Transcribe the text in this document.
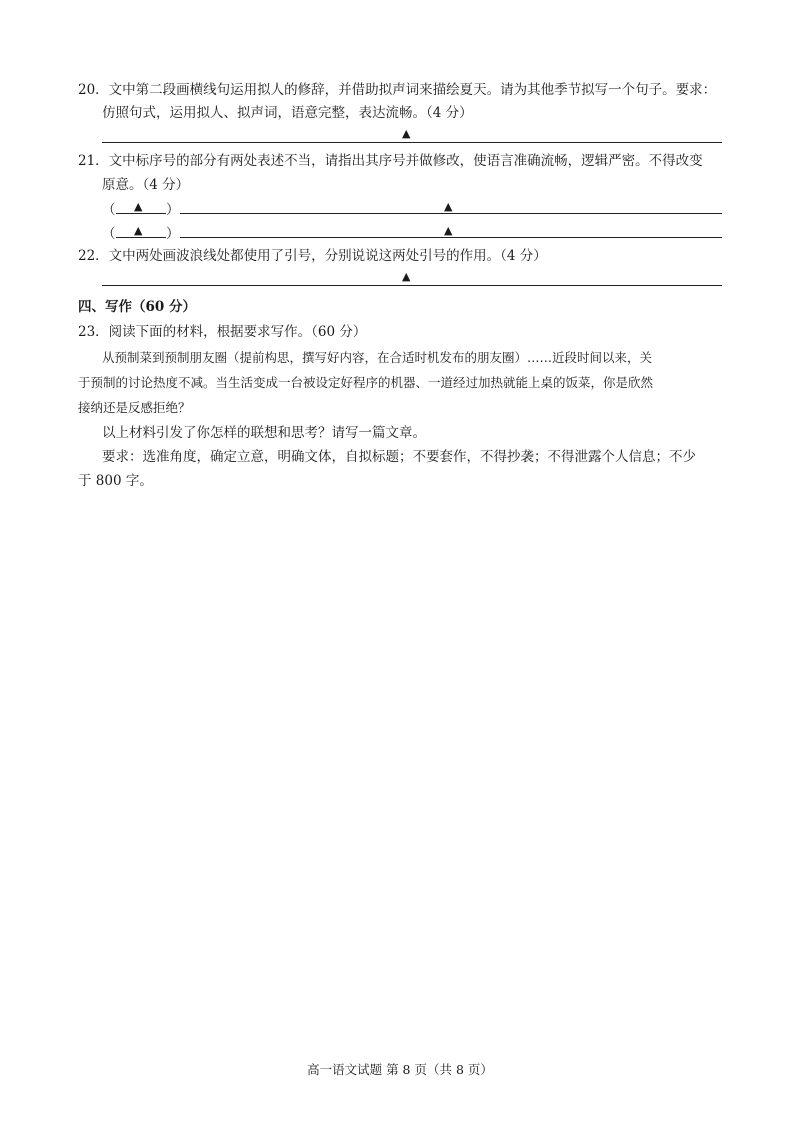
20．文中第二段画横线句运用拟人的修辞，并借助拟声词来描绘夏天。请为其他季节拟写一个句子。要求：
仿照句式，运用拟人、拟声词，语意完整，表达流畅。（4 分）
▲
21．文中标序号的部分有两处表述不当，请指出其序号并做修改，使语言准确流畅，逻辑严密。不得改变
原意。（4 分）
（ ▲ ）	▲
（ ▲ ）	▲
22．文中两处画波浪线处都使用了引号，分别说说这两处引号的作用。（4 分）
▲
四、写作（60 分）
23．阅读下面的材料，根据要求写作。（60 分）
从预制菜到预制朋友圈（提前构思，撰写好内容，在合适时机发布的朋友圈）……近段时间以来，关
于预制的讨论热度不减。当生活变成一台被设定好程序的机器、一道经过加热就能上桌的饭菜，你是欣然
接纳还是反感拒绝？
以上材料引发了你怎样的联想和思考？请写一篇文章。
要求：选准角度，确定立意，明确文体，自拟标题；不要套作，不得抄袭；不得泄露个人信息；不少
于 800 字。
高一语文试题 第 8 页（共 8 页）
